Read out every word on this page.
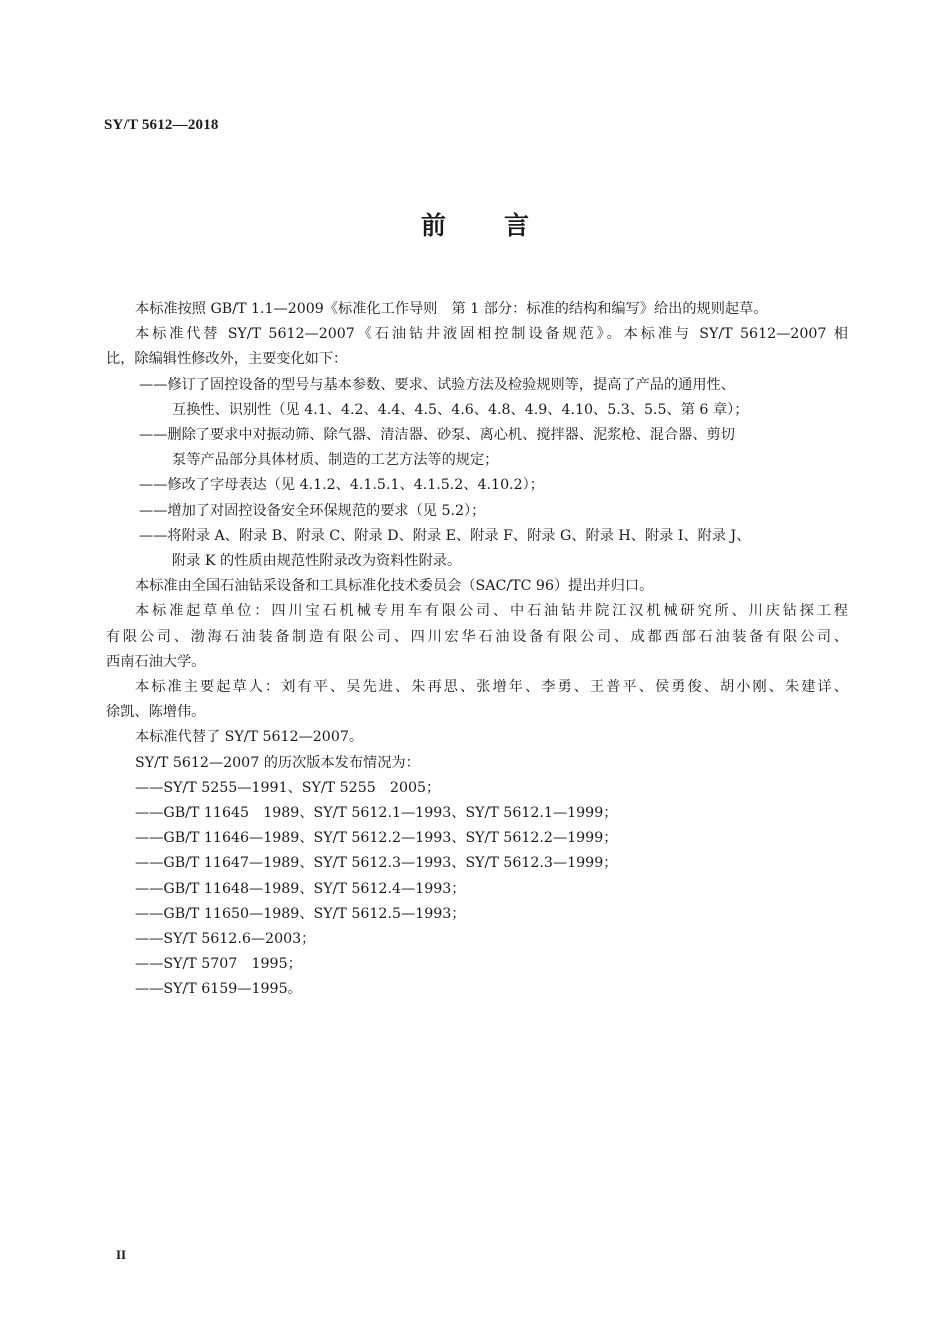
SY/T 5612—2018
前 言

本标准按照 GB/T 1.1—2009《标准化工作导则　第 1 部分：标准的结构和编写》给出的规则起草。

本标准代替 SY/T 5612—2007《石油钻井液固相控制设备规范》。本标准与 SY/T 5612—2007 相

比，除编辑性修改外，主要变化如下：

——修订了固控设备的型号与基本参数、要求、试验方法及检验规则等，提高了产品的通用性、

互换性、识别性（见 4.1、4.2、4.4、4.5、4.6、4.8、4.9、4.10、5.3、5.5、第 6 章）；

——删除了要求中对振动筛、除气器、清洁器、砂泵、离心机、搅拌器、泥浆枪、混合器、剪切

泵等产品部分具体材质、制造的工艺方法等的规定；

——修改了字母表达（见 4.1.2、4.1.5.1、4.1.5.2、4.10.2）；

——增加了对固控设备安全环保规范的要求（见 5.2）；

——将附录 A、附录 B、附录 C、附录 D、附录 E、附录 F、附录 G、附录 H、附录 I、附录 J、

附录 K 的性质由规范性附录改为资料性附录。

本标准由全国石油钻采设备和工具标准化技术委员会（SAC/TC 96）提出并归口。

本标准起草单位：四川宝石机械专用车有限公司、中石油钻井院江汉机械研究所、川庆钻探工程

有限公司、渤海石油装备制造有限公司、四川宏华石油设备有限公司、成都西部石油装备有限公司、

西南石油大学。

本标准主要起草人：刘有平、吴先进、朱再思、张增年、李勇、王普平、侯勇俊、胡小刚、朱建详、

徐凯、陈增伟。

本标准代替了 SY/T 5612—2007。

SY/T 5612—2007 的历次版本发布情况为：

——SY/T 5255—1991、SY/T 5255　2005；

——GB/T 11645　1989、SY/T 5612.1—1993、SY/T 5612.1—1999；

——GB/T 11646—1989、SY/T 5612.2—1993、SY/T 5612.2—1999；

——GB/T 11647—1989、SY/T 5612.3—1993、SY/T 5612.3—1999；

——GB/T 11648—1989、SY/T 5612.4—1993；

——GB/T 11650—1989、SY/T 5612.5—1993；

——SY/T 5612.6—2003；

——SY/T 5707　1995；

——SY/T 6159—1995。

II
